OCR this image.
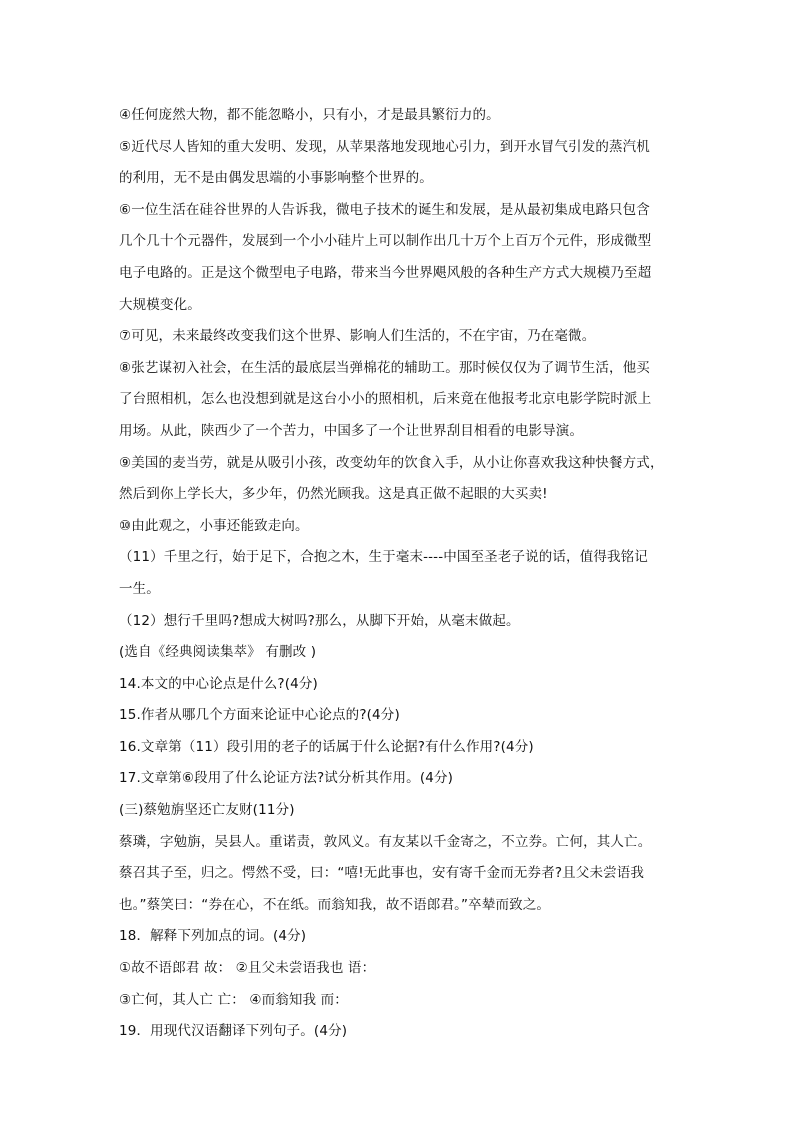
④任何庞然大物，都不能忽略小，只有小，才是最具繁衍力的。
⑤近代尽人皆知的重大发明、发现，从苹果落地发现地心引力，到开水冒气引发的蒸汽机
的利用，无不是由偶发思端的小事影响整个世界的。
⑥一位生活在硅谷世界的人告诉我，微电子技术的诞生和发展，是从最初集成电路只包含
几个几十个元器件，发展到一个小小硅片上可以制作出几十万个上百万个元件，形成微型
电子电路的。正是这个微型电子电路，带来当今世界飓风般的各种生产方式大规模乃至超
大规模变化。
⑦可见，未来最终改变我们这个世界、影响人们生活的，不在宇宙，乃在毫微。
⑧张艺谋初入社会，在生活的最底层当弹棉花的辅助工。那时候仅仅为了调节生活，他买
了台照相机，怎么也没想到就是这台小小的照相机，后来竟在他报考北京电影学院时派上
用场。从此，陕西少了一个苦力，中国多了一个让世界刮目相看的电影导演。
⑨美国的麦当劳，就是从吸引小孩，改变幼年的饮食入手，从小让你喜欢我这种快餐方式，
然后到你上学长大，多少年，仍然光顾我。这是真正做不起眼的大买卖!
⑩由此观之，小事还能致走向。
（11）千里之行，始于足下，合抱之木，生于毫末----中国至圣老子说的话，值得我铭记
一生。
（12）想行千里吗?想成大树吗?那么，从脚下开始，从毫末做起。
(选自《经典阅读集萃》 有删改 )
14.本文的中心论点是什么?(4分)
15.作者从哪几个方面来论证中心论点的?(4分)
16.文章第（11）段引用的老子的话属于什么论据?有什么作用?(4分)
17.文章第⑥段用了什么论证方法?试分析其作用。(4分)
(三)蔡勉旃坚还亡友财(11分)
蔡璘，字勉旃，吴县人。重诺责，敦风义。有友某以千金寄之，不立券。亡何，其人亡。
蔡召其子至，归之。愕然不受，曰：“嘻!无此事也，安有寄千金而无券者?且父未尝语我
也。”蔡笑曰：“券在心，不在纸。而翁知我，故不语郎君。”卒辇而致之。
18．解释下列加点的词。(4分)
①故不语郎君 故： ②且父未尝语我也 语：
③亡何，其人亡 亡： ④而翁知我 而：
19．用现代汉语翻译下列句子。(4分)
